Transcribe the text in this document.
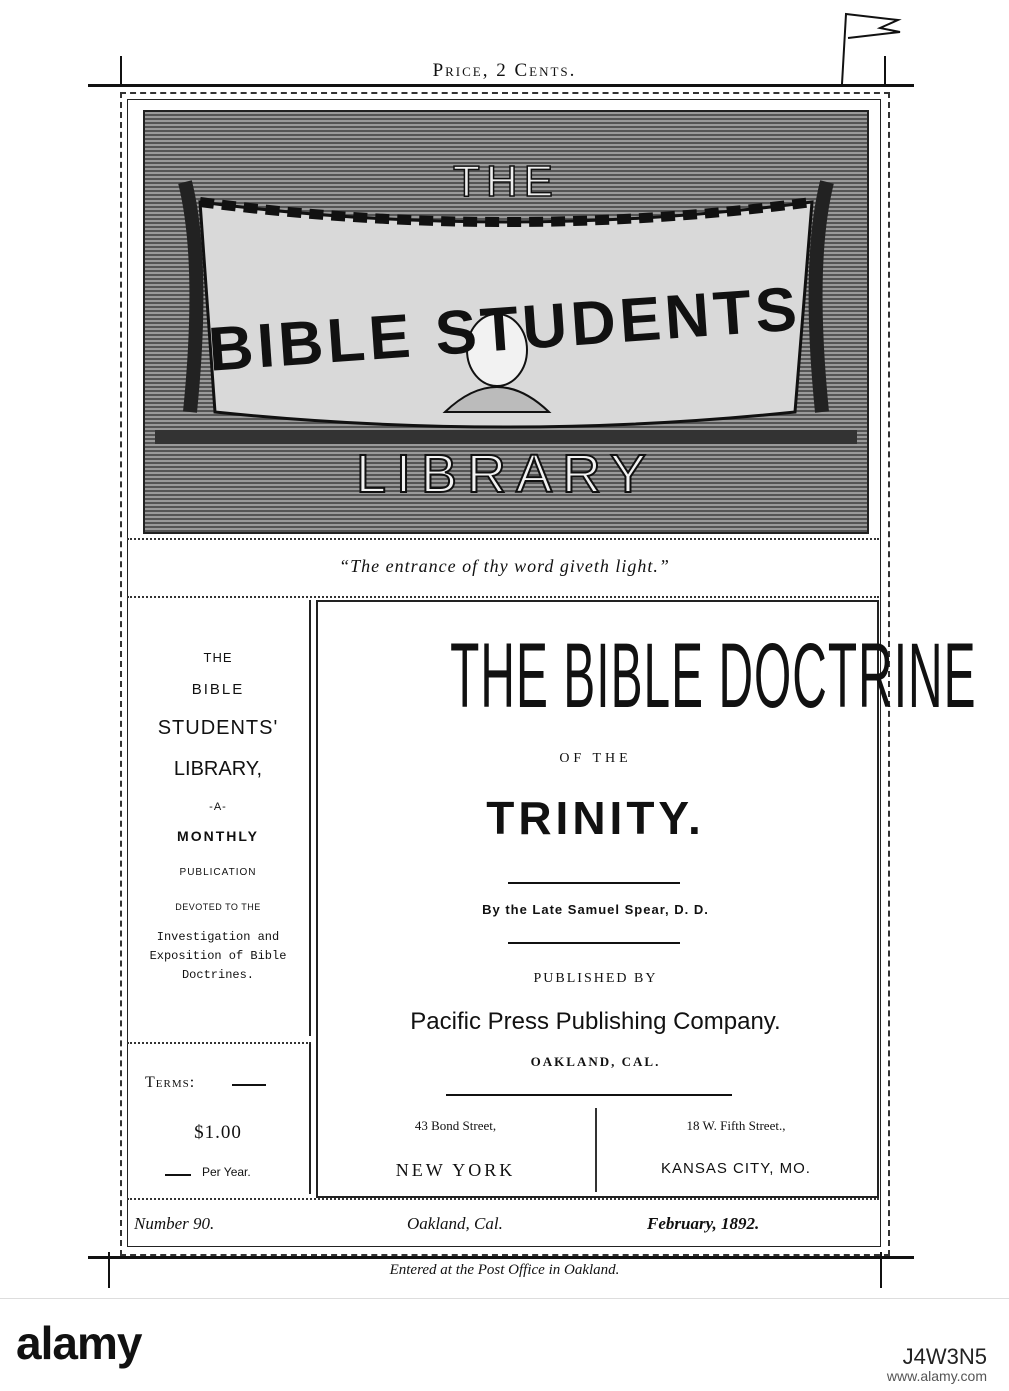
Price, 2 Cents.
THE
BIBLE STUDENTS
LIBRARY
“The entrance of thy word giveth light.”
THE
BIBLE
STUDENTS'
LIBRARY,
-A-
MONTHLY
PUBLICATION
DEVOTED TO THE
Investigation and Exposition of Bible Doctrines.
Terms:
$1.00
Per Year.
THE BIBLE DOCTRINE
OF THE
TRINITY.
By the Late Samuel Spear, D. D.
PUBLISHED BY
Pacific Press Publishing Company.
OAKLAND, CAL.
43 Bond Street,
NEW YORK
18 W. Fifth Street.,
KANSAS CITY, MO.
Number 90.	Oakland, Cal.	February, 1892.
Entered at the Post Office in Oakland.
alamy	J4W3N5
www.alamy.com
